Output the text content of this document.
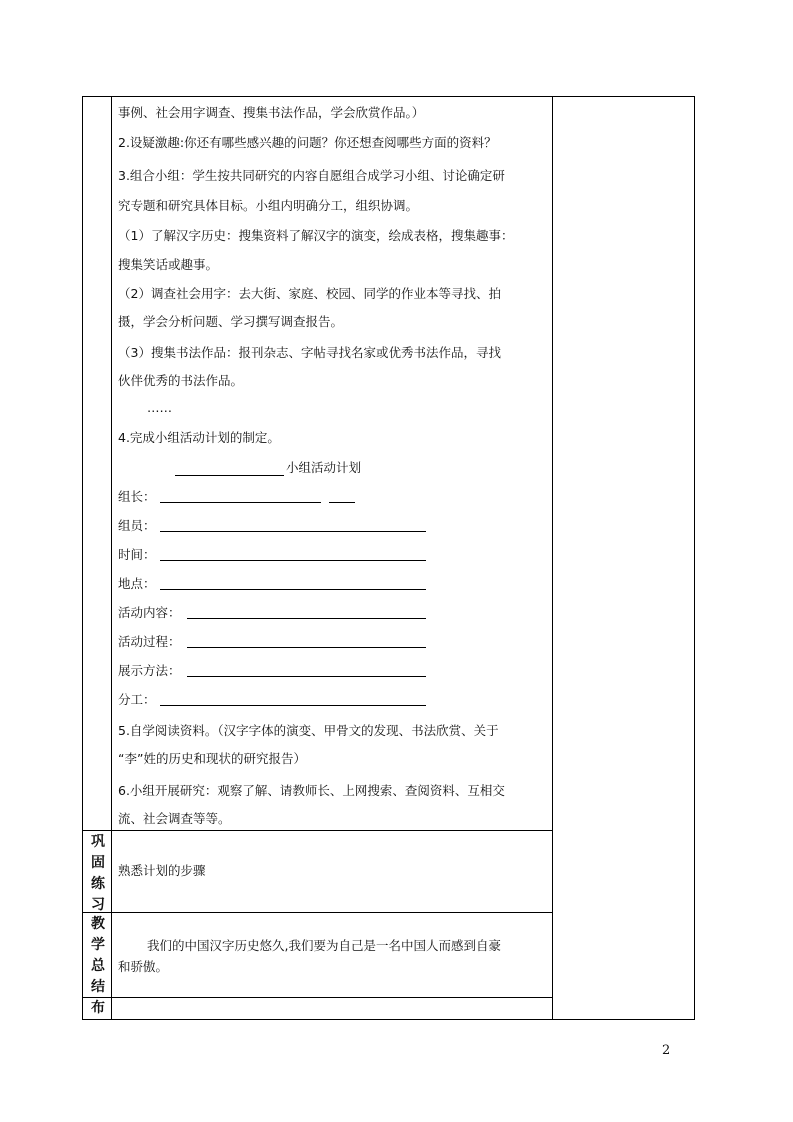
事例、社会用字调查、搜集书法作品，学会欣赏作品。）
2.设疑激趣:你还有哪些感兴趣的问题？你还想查阅哪些方面的资料？
3.组合小组：学生按共同研究的内容自愿组合成学习小组、讨论确定研
究专题和研究具体目标。小组内明确分工，组织协调。
（1）了解汉字历史：搜集资料了解汉字的演变，绘成表格，搜集趣事：
搜集笑话或趣事。
（2）调查社会用字：去大街、家庭、校园、同学的作业本等寻找、拍
摄，学会分析问题、学习撰写调查报告。
（3）搜集书法作品：报刊杂志、字帖寻找名家或优秀书法作品，寻找
伙伴优秀的书法作品。
……
4.完成小组活动计划的制定。
小组活动计划
组长：
组员：
时间：
地点：
活动内容：
活动过程：
展示方法：
分工：
5.自学阅读资料。（汉字字体的演变、甲骨文的发现、书法欣赏、关于
“李”姓的历史和现状的研究报告）
6.小组开展研究：观察了解、请教师长、上网搜索、查阅资料、互相交
流、社会调查等等。
巩固练习
熟悉计划的步骤
教学总结
我们的中国汉字历史悠久,我们要为自己是一名中国人而感到自豪
和骄傲。
布
2
